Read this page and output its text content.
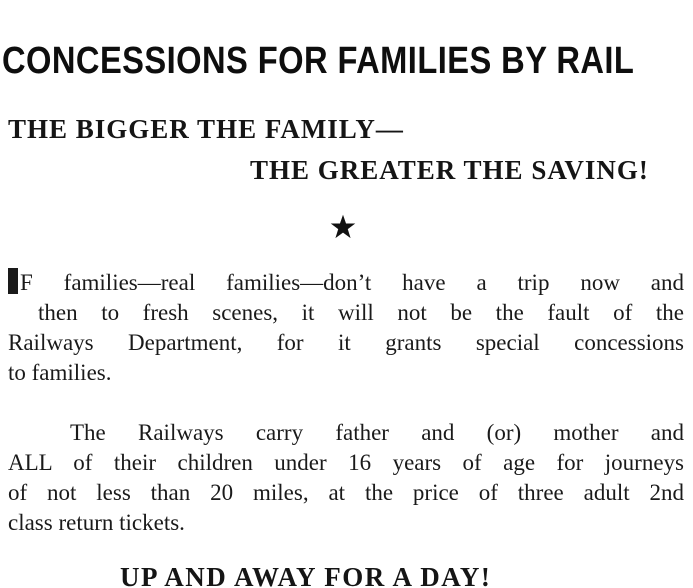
CONCESSIONS FOR FAMILIES BY RAIL
THE BIGGER THE FAMILY—
THE GREATER THE SAVING!
F families—real families—don’t have a trip now and
then to fresh scenes, it will not be the fault of the
Railways Department, for it grants special concessions
to families.
The Railways carry father and (or) mother and
ALL of their children under 16 years of age for journeys
of not less than 20 miles, at the price of three adult 2nd
class return tickets.
UP AND AWAY FOR A DAY!
